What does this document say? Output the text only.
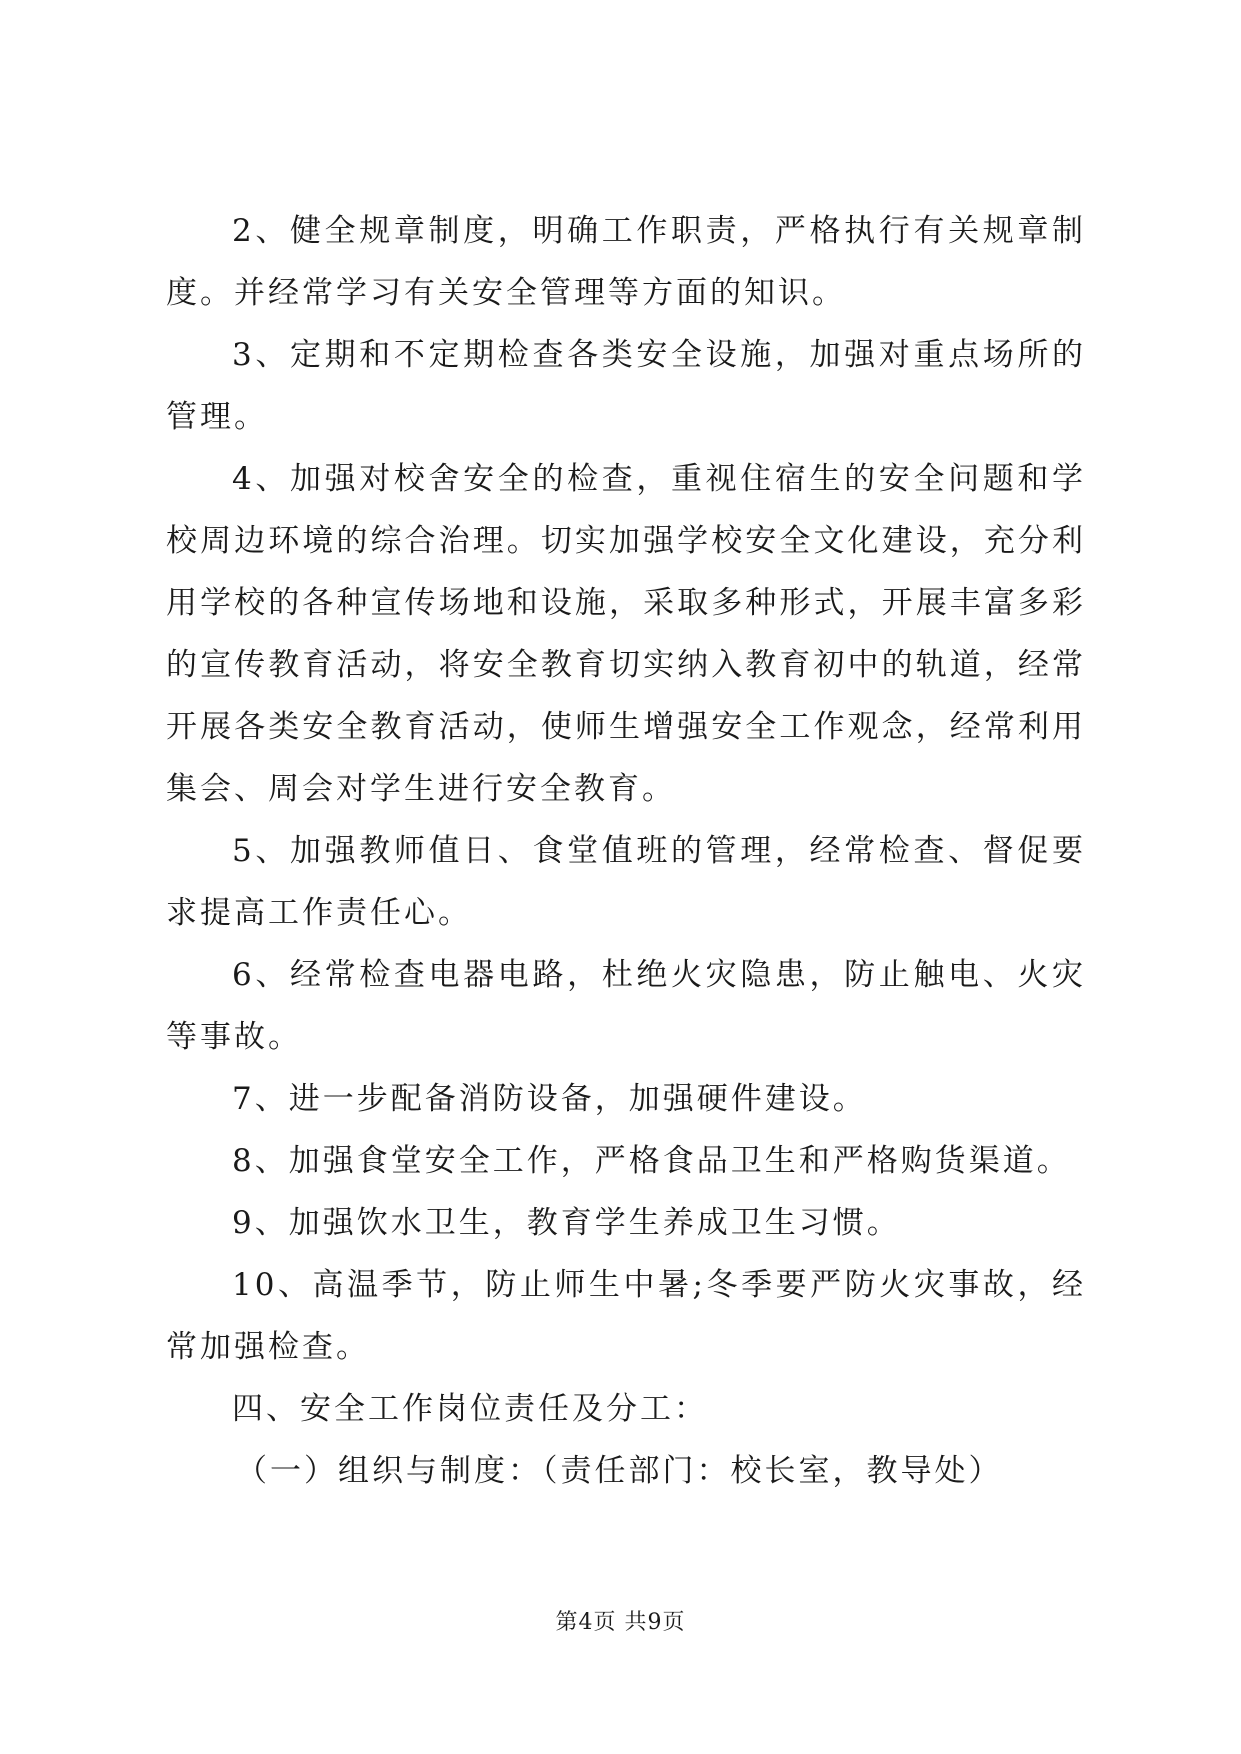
2、健全规章制度，明确工作职责，严格执行有关规章制度。并经常学习有关安全管理等方面的知识。

3、定期和不定期检查各类安全设施，加强对重点场所的管理。

4、加强对校舍安全的检查，重视住宿生的安全问题和学校周边环境的综合治理。切实加强学校安全文化建设，充分利用学校的各种宣传场地和设施，采取多种形式，开展丰富多彩的宣传教育活动，将安全教育切实纳入教育初中的轨道，经常开展各类安全教育活动，使师生增强安全工作观念，经常利用集会、周会对学生进行安全教育。

5、加强教师值日、食堂值班的管理，经常检查、督促要求提高工作责任心。

6、经常检查电器电路，杜绝火灾隐患，防止触电、火灾等事故。

7、进一步配备消防设备，加强硬件建设。

8、加强食堂安全工作，严格食品卫生和严格购货渠道。

9、加强饮水卫生，教育学生养成卫生习惯。

10、高温季节，防止师生中暑;冬季要严防火灾事故，经常加强检查。

四、安全工作岗位责任及分工：

（一）组织与制度：（责任部门：校长室，教导处）

第4页 共9页
